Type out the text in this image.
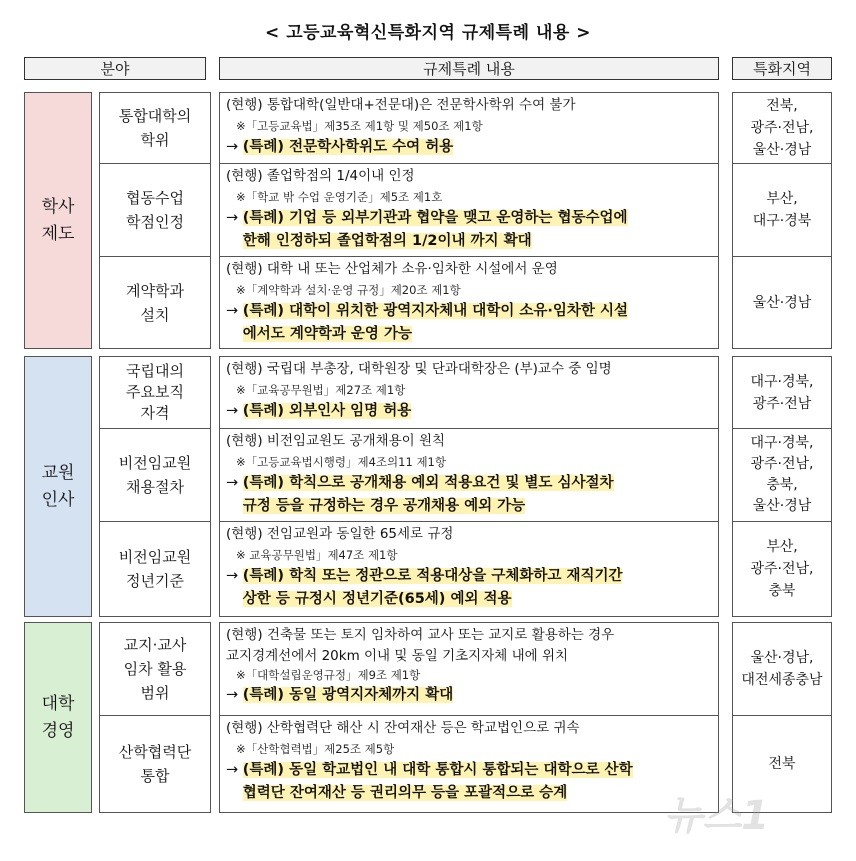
< 고등교육혁신특화지역 규제특례 내용 >
분야	규제특례 내용	특화지역
학사
제도
통합대학의
학위
(현행) 통합대학(일반대+전문대)은 전문학사학위 수여 불가
※「고등교육법」제35조 제1항 및 제50조 제1항
→
(특례) 전문학사학위도 수여 허용
전북,
광주·전남,
울산·경남
협동수업
학점인정
(현행) 졸업학점의 1/4이내 인정
※「학교 밖 수업 운영기준」제5조 제1호
→
(특례) 기업 등 외부기관과 협약을 맺고 운영하는 협동수업에
한해 인정하되 졸업학점의 1/2이내 까지 확대
부산,
대구·경북
계약학과
설치
(현행) 대학 내 또는 산업체가 소유·임차한 시설에서 운영
※「계약학과 설치·운영 규정」제20조 제1항
→
(특례) 대학이 위치한 광역지자체내 대학이 소유·임차한 시설
에서도 계약학과 운영 가능
울산·경남
교원
인사
국립대의
주요보직
자격
(현행) 국립대 부총장, 대학원장 및 단과대학장은 (부)교수 중 임명
※「교육공무원법」제27조 제1항
→
(특례) 외부인사 임명 허용
대구·경북,
광주·전남
비전임교원
채용절차
(현행) 비전임교원도 공개채용이 원칙
※「고등교육법시행령」제4조의11 제1항
→
(특례) 학칙으로 공개채용 예외 적용요건 및 별도 심사절차
규정 등을 규정하는 경우 공개채용 예외 가능
대구·경북,
광주·전남,
충북,
울산·경남
비전임교원
정년기준
(현행) 전임교원과 동일한 65세로 규정
※ 교육공무원법」제47조 제1항
→
(특례) 학칙 또는 정관으로 적용대상을 구체화하고 재직기간
상한 등 규정시 정년기준(65세) 예외 적용
부산,
광주·전남,
충북
대학
경영
교지·교사
임차 활용
범위
(현행) 건축물 또는 토지 임차하여 교사 또는 교지로 활용하는 경우
교지경계선에서 20km 이내 및 동일 기초지자체 내에 위치
※「대학설립운영규정」제9조 제1항
→
(특례) 동일 광역지자체까지 확대
울산·경남,
대전세종충남
산학협력단
통합
(현행) 산학협력단 해산 시 잔여재산 등은 학교법인으로 귀속
※「산학협력법」제25조 제5항
→
(특례) 동일 학교법인 내 대학 통합시 통합되는 대학으로 산학
협력단 잔여재산 등 권리의무 등을 포괄적으로 승계
전북
뉴스1
